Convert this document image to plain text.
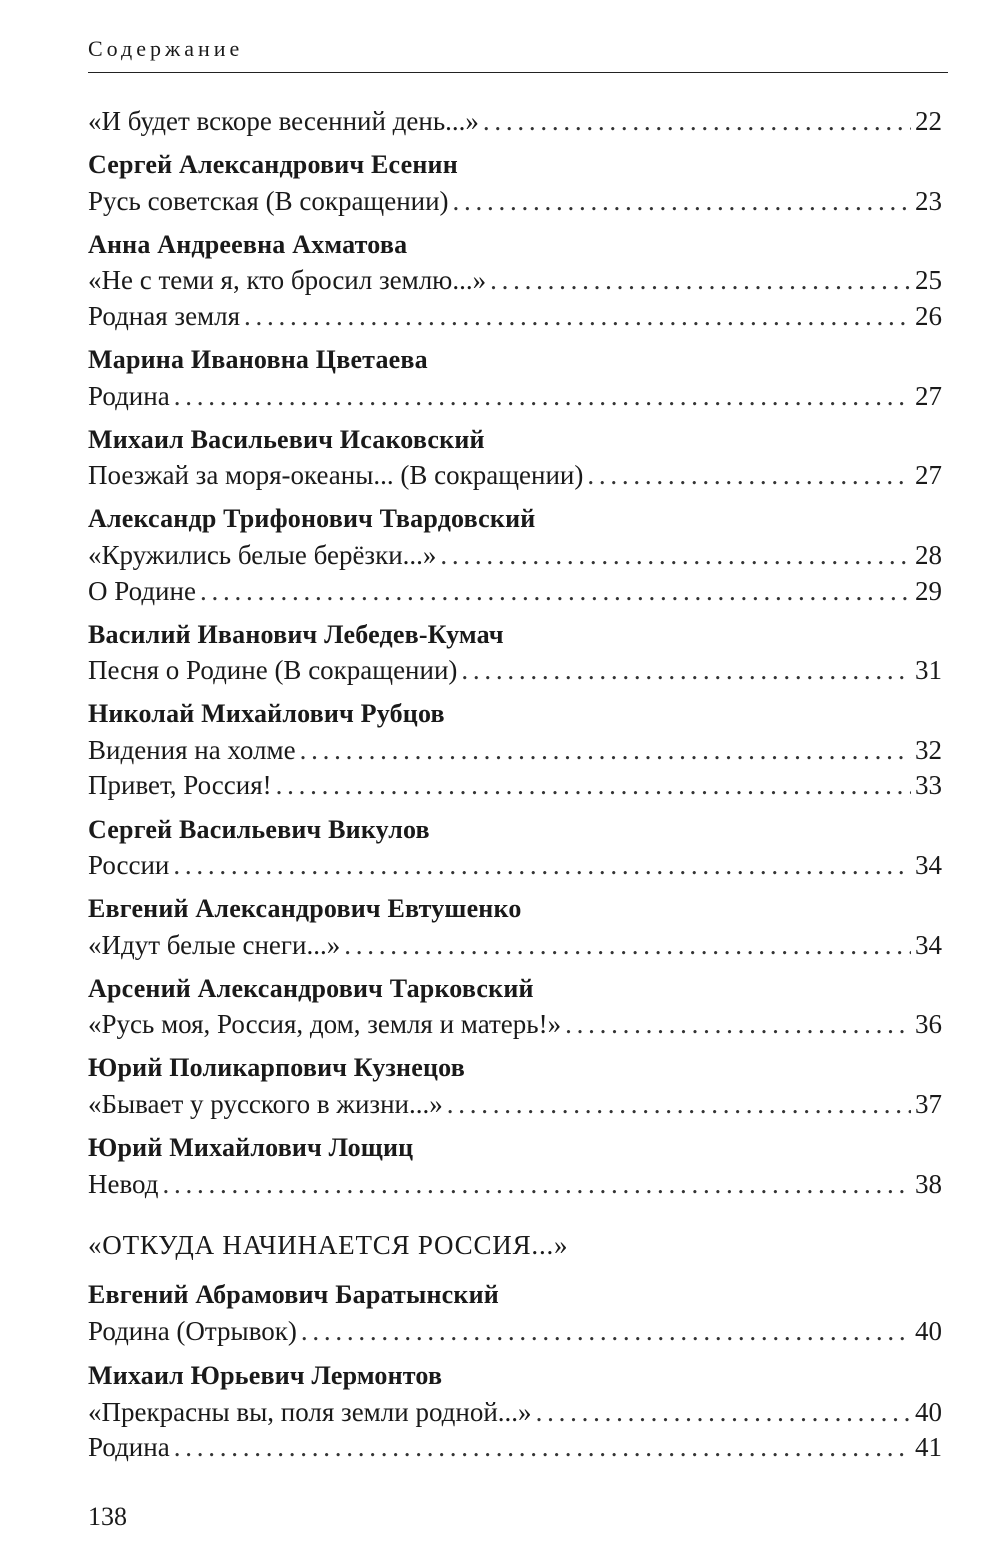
Содержание
«И будет вскоре весенний день...» . . .	22
Сергей Александрович Есенин
Русь советская (В сокращении) . . .	23
Анна Андреевна Ахматова
«Не с теми я, кто бросил землю...» . . .	25
Родная земля . . .	26
Марина Ивановна Цветаева
Родина . . .	27
Михаил Васильевич Исаковский
Поезжай за моря-океаны... (В сокращении) . . .	27
Александр Трифонович Твардовский
«Кружились белые берёзки...» . . .	28
О Родине . . .	29
Василий Иванович Лебедев-Кумач
Песня о Родине (В сокращении) . . .	31
Николай Михайлович Рубцов
Видения на холме . . .	32
Привет, Россия! . . .	33
Сергей Васильевич Викулов
России . . .	34
Евгений Александрович Евтушенко
«Идут белые снеги...» . . .	34
Арсений Александрович Тарковский
«Русь моя, Россия, дом, земля и матерь!» . . .	36
Юрий Поликарпович Кузнецов
«Бывает у русского в жизни...» . . .	37
Юрий Михайлович Лощиц
Невод . . .	38
«ОТКУДА НАЧИНАЕТСЯ РОССИЯ...»
Евгений Абрамович Баратынский
Родина (Отрывок) . . .	40
Михаил Юрьевич Лермонтов
«Прекрасны вы, поля земли родной...» . . .	40
Родина . . .	41
138
